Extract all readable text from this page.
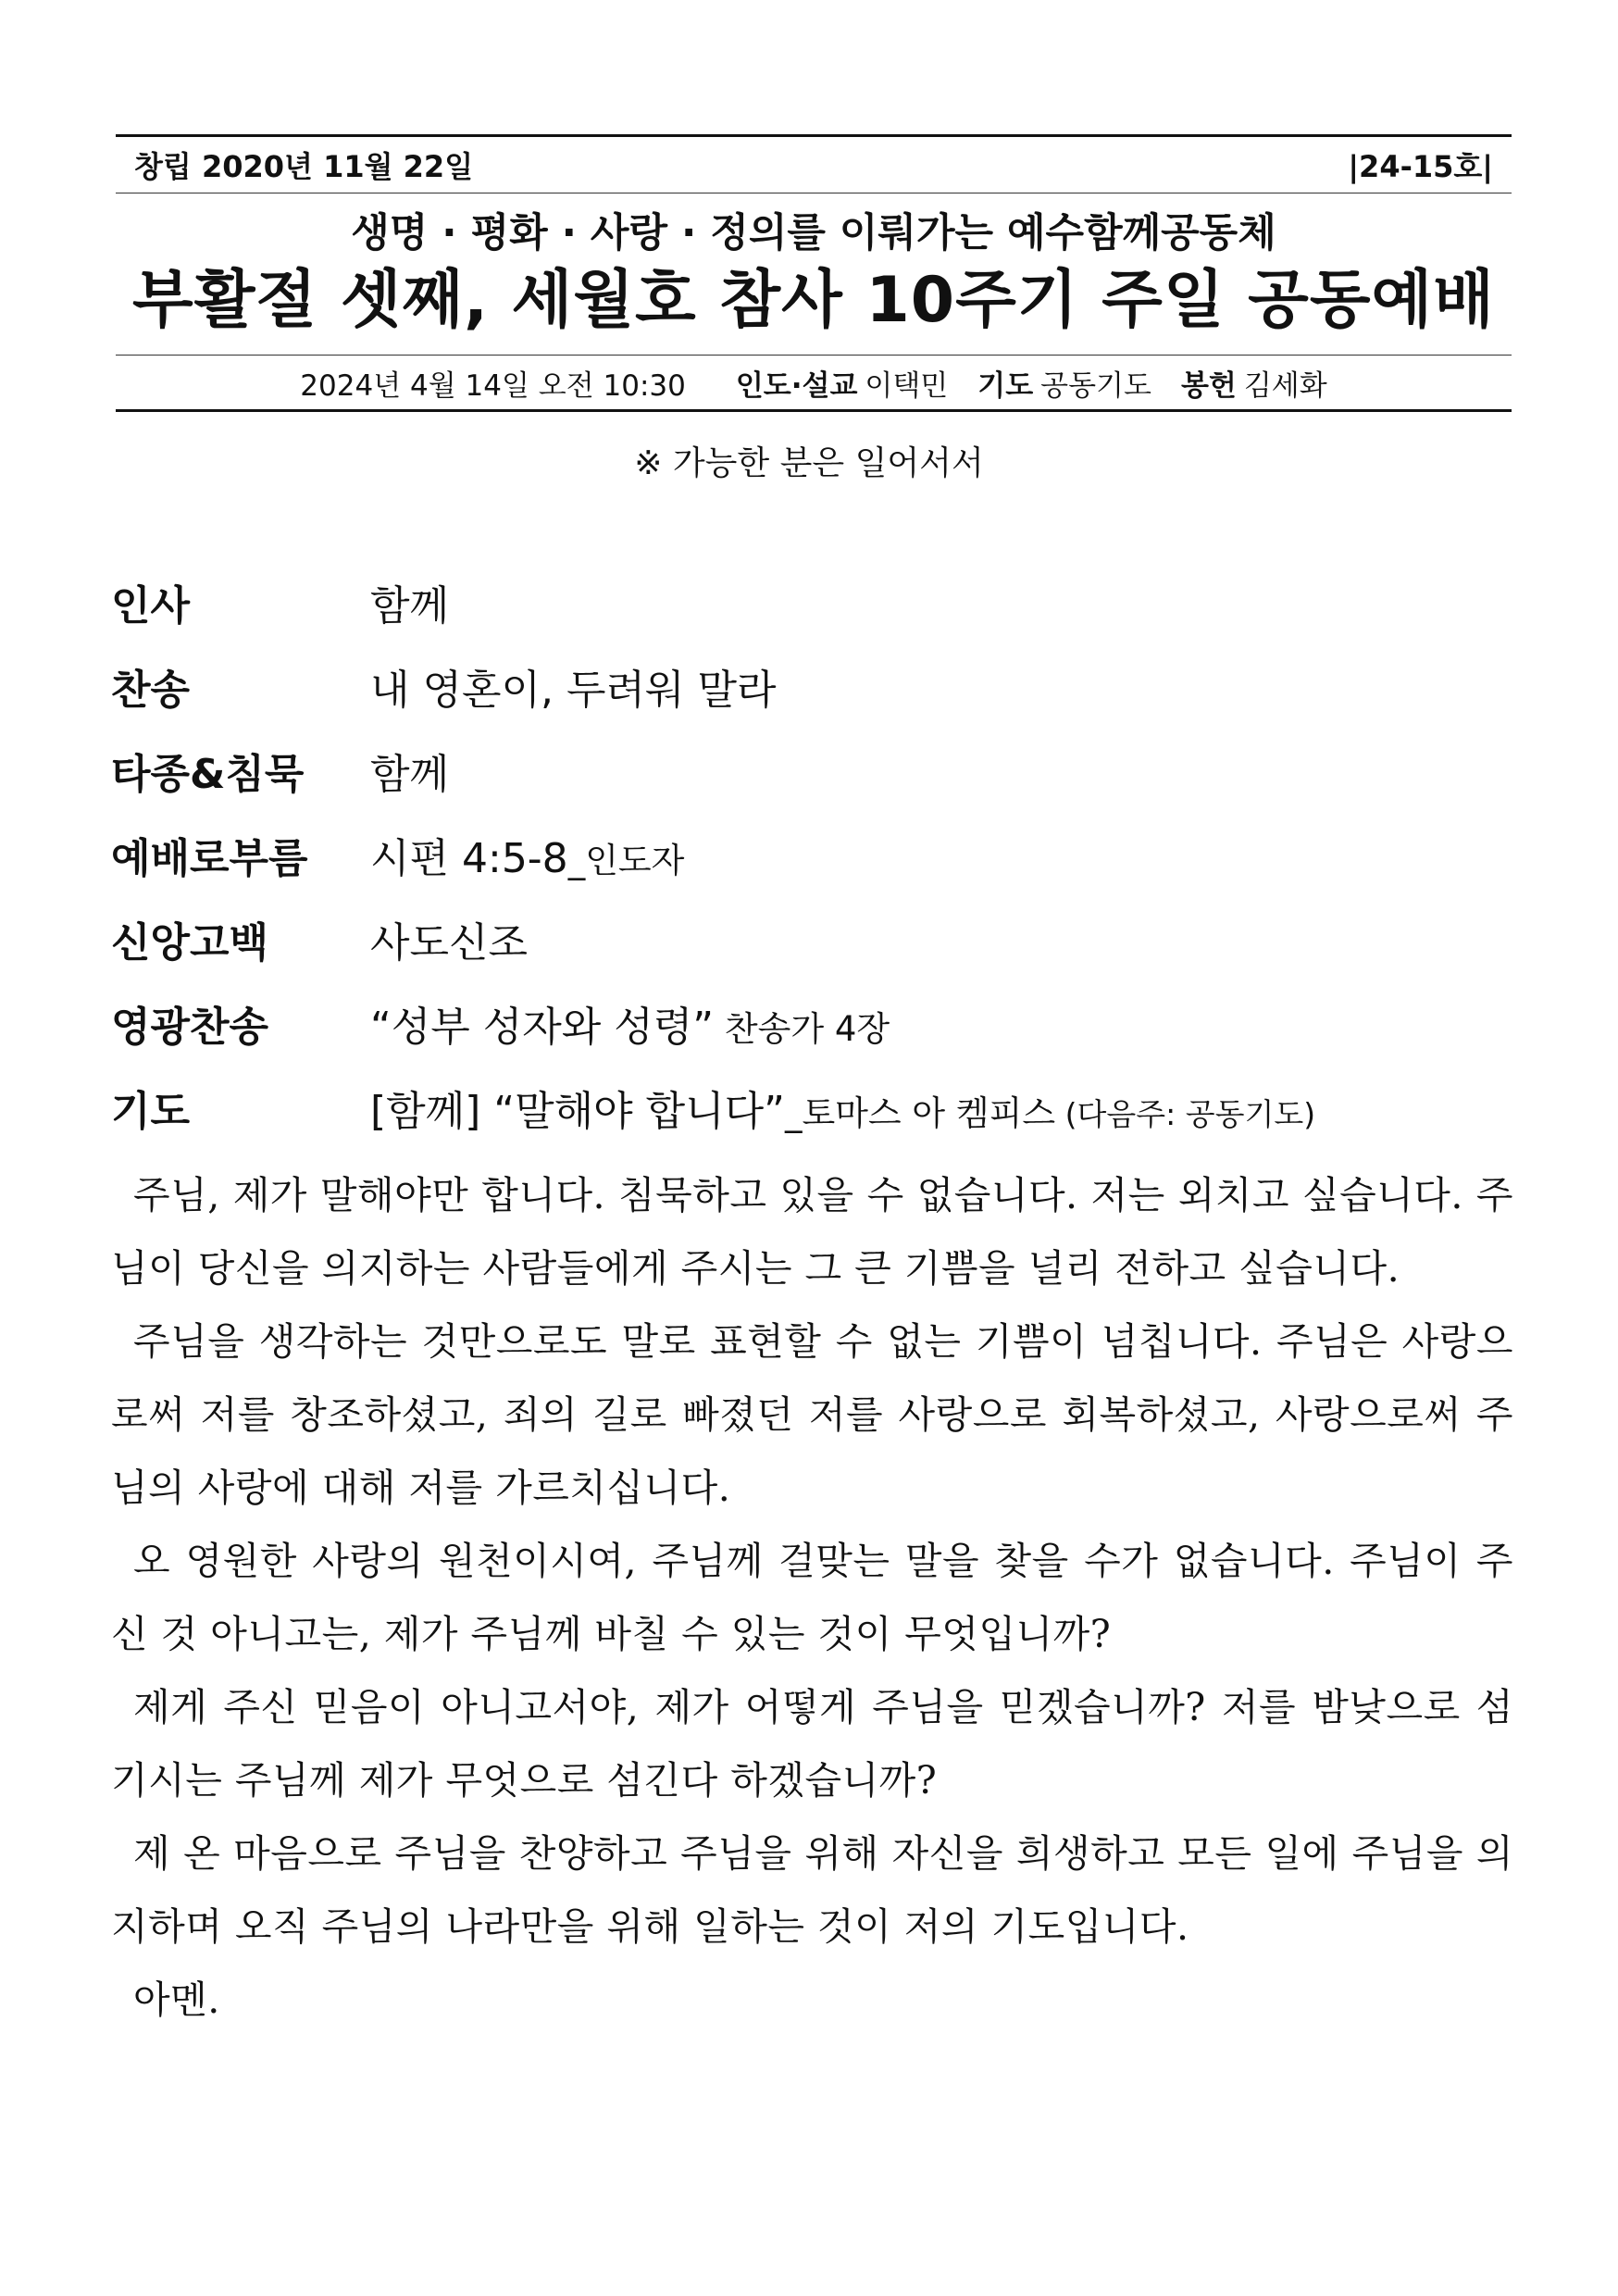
창립 2020년 11월 22일	|24-15호|
생명 · 평화 · 사랑 · 정의를 이뤄가는 예수함께공동체
부활절 셋째, 세월호 참사 10주기 주일 공동예배
2024년 4월 14일 오전 10:30 인도·설교 이택민 기도 공동기도 봉헌 김세화
※ 가능한 분은 일어서서
인사	함께
찬송	내 영혼이, 두려워 말라
타종&침묵	함께
예배로부름	시편 4:5-8_인도자
신앙고백	사도신조
영광찬송	“성부 성자와 성령” 찬송가 4장
기도	[함께] “말해야 합니다”_토마스 아 켐피스 (다음주: 공동기도)

주님, 제가 말해야만 합니다. 침묵하고 있을 수 없습니다. 저는 외치고 싶습니다. 주님이 당신을 의지하는 사람들에게 주시는 그 큰 기쁨을 널리 전하고 싶습니다.

주님을 생각하는 것만으로도 말로 표현할 수 없는 기쁨이 넘칩니다. 주님은 사랑으로써 저를 창조하셨고, 죄의 길로 빠졌던 저를 사랑으로 회복하셨고, 사랑으로써 주님의 사랑에 대해 저를 가르치십니다.

오 영원한 사랑의 원천이시여, 주님께 걸맞는 말을 찾을 수가 없습니다. 주님이 주신 것 아니고는, 제가 주님께 바칠 수 있는 것이 무엇입니까?

제게 주신 믿음이 아니고서야, 제가 어떻게 주님을 믿겠습니까? 저를 밤낮으로 섬기시는 주님께 제가 무엇으로 섬긴다 하겠습니까?

제 온 마음으로 주님을 찬양하고 주님을 위해 자신을 희생하고 모든 일에 주님을 의지하며 오직 주님의 나라만을 위해 일하는 것이 저의 기도입니다.

아멘.
